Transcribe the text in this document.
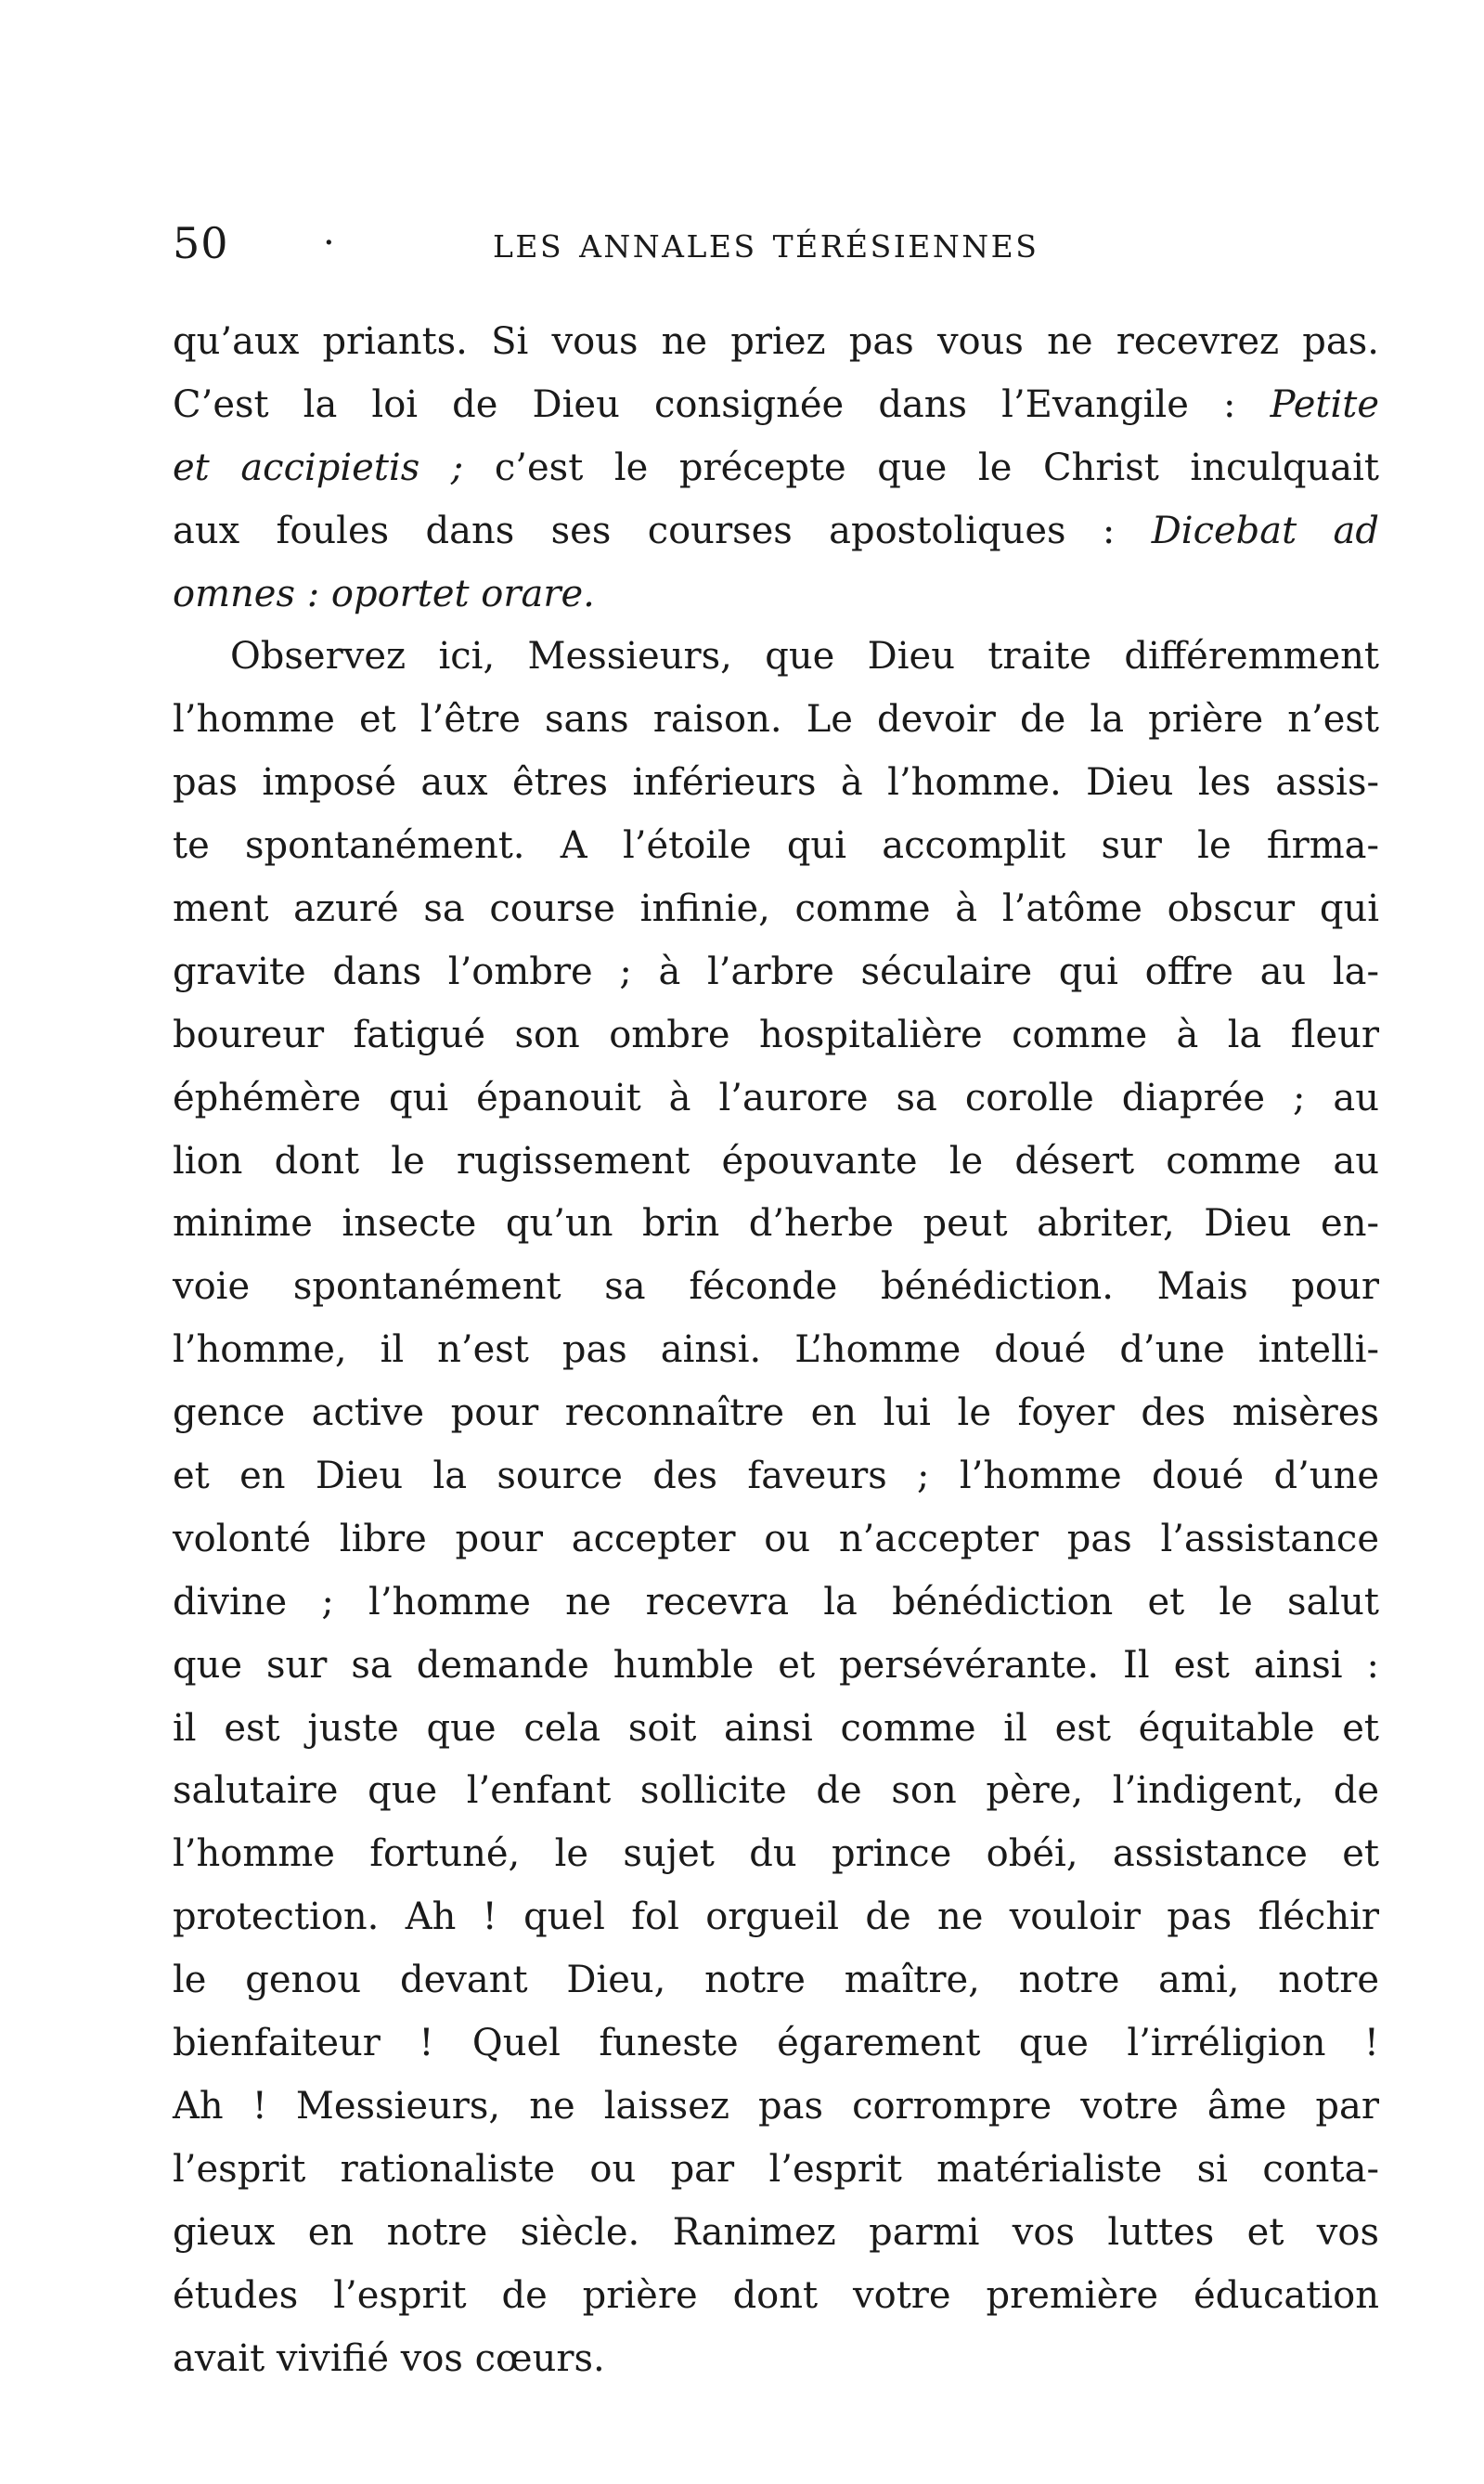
50	·	LES ANNALES TÉRÉSIENNES
qu’aux priants. Si vous ne priez pas vous ne recevrez pas.
C’est la loi de Dieu consignée dans l’Evangile : Petite
et accipietis ; c’est le précepte que le Christ inculquait
aux foules dans ses courses apostoliques : Dicebat ad
omnes : oportet orare.
Observez ici, Messieurs, que Dieu traite différemment
l’homme et l’être sans raison. Le devoir de la prière n’est
pas imposé aux êtres inférieurs à l’homme. Dieu les assis-
te spontanément. A l’étoile qui accomplit sur le firma-
ment azuré sa course infinie, comme à l’atôme obscur qui
gravite dans l’ombre ; à l’arbre séculaire qui offre au la-
boureur fatigué son ombre hospitalière comme à la fleur
éphémère qui épanouit à l’aurore sa corolle diaprée ; au
lion dont le rugissement épouvante le désert comme au
minime insecte qu’un brin d’herbe peut abriter, Dieu en-
voie spontanément sa féconde bénédiction. Mais pour
l’homme, il n’est pas ainsi. L’homme doué d’une intelli-
gence active pour reconnaître en lui le foyer des misères
et en Dieu la source des faveurs ; l’homme doué d’une
volonté libre pour accepter ou n’accepter pas l’assistance
divine ; l’homme ne recevra la bénédiction et le salut
que sur sa demande humble et persévérante. Il est ainsi :
il est juste que cela soit ainsi comme il est équitable et
salutaire que l’enfant sollicite de son père, l’indigent, de
l’homme fortuné, le sujet du prince obéi, assistance et
protection. Ah ! quel fol orgueil de ne vouloir pas fléchir
le genou devant Dieu, notre maître, notre ami, notre
bienfaiteur ! Quel funeste égarement que l’irréligion !
Ah ! Messieurs, ne laissez pas corrompre votre âme par
l’esprit rationaliste ou par l’esprit matérialiste si conta-
gieux en notre siècle. Ranimez parmi vos luttes et vos
études l’esprit de prière dont votre première éducation
avait vivifié vos cœurs.
